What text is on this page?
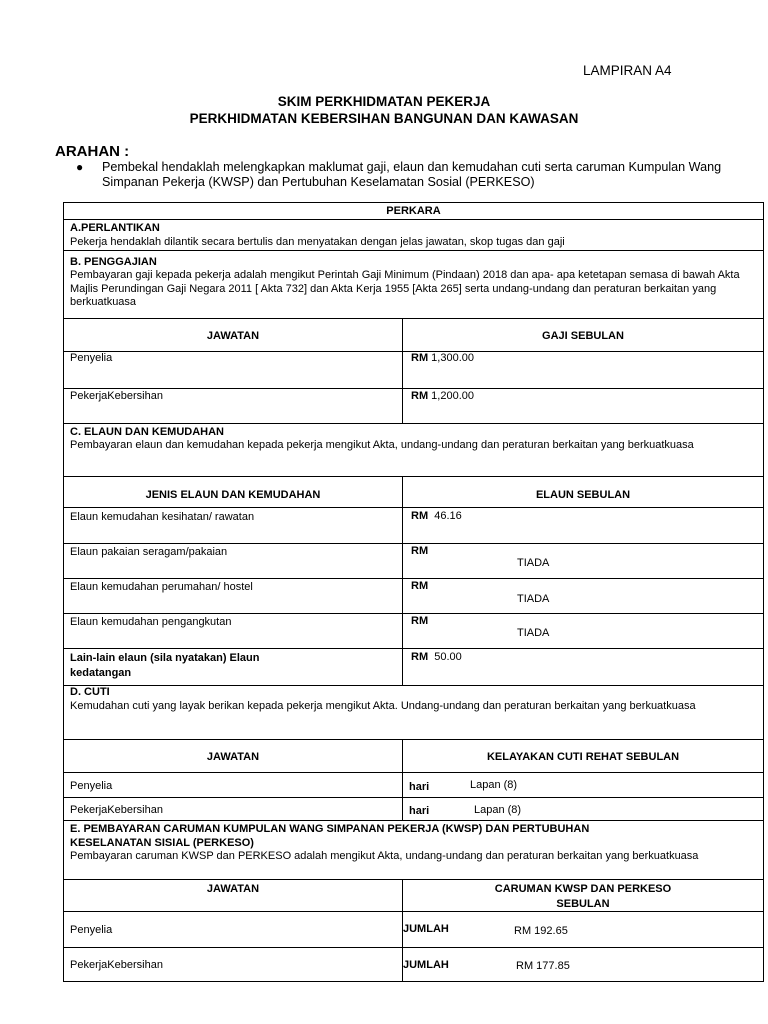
LAMPIRAN A4
SKIM PERKHIDMATAN PEKERJA
PERKHIDMATAN KEBERSIHAN BANGUNAN DAN KAWASAN
ARAHAN :
● Pembekal hendaklah melengkapkan maklumat gaji, elaun dan kemudahan cuti serta caruman Kumpulan Wang Simpanan Pekerja (KWSP) dan Pertubuhan Keselamatan Sosial (PERKESO)
PERKARA
A.PERLANTIKAN
Pekerja hendaklah dilantik secara bertulis dan menyatakan dengan jelas jawatan, skop tugas dan gaji
B. PENGGAJIAN
Pembayaran gaji kepada pekerja adalah mengikut Perintah Gaji Minimum (Pindaan) 2018 dan apa- apa ketetapan semasa di bawah Akta Majlis Perundingan Gaji Negara 2011 [ Akta 732] dan Akta Kerja 1955 [Akta 265] serta undang-undang dan peraturan berkaitan yang berkuatkuasa
JAWATAN	GAJI SEBULAN
Penyelia	RM 1,300.00
PekerjaKebersihan	RM 1,200.00
C. ELAUN DAN KEMUDAHAN
Pembayaran elaun dan kemudahan kepada pekerja mengikut Akta, undang-undang dan peraturan berkaitan yang berkuatkuasa
JENIS ELAUN DAN KEMUDAHAN	ELAUN SEBULAN
Elaun kemudahan kesihatan/ rawatan	RM 46.16
Elaun pakaian seragam/pakaian	RM
TIADA
Elaun kemudahan perumahan/ hostel	RM
TIADA
Elaun kemudahan pengangkutan	RM
TIADA
Lain-lain elaun (sila nyatakan) Elaun
kedatangan
RM 50.00
D. CUTI
Kemudahan cuti yang layak berikan kepada pekerja mengikut Akta. Undang-undang dan peraturan berkaitan yang berkuatkuasa
JAWATAN	KELAYAKAN CUTI REHAT SEBULAN
Penyelia	hari	Lapan (8)
PekerjaKebersihan	hari	Lapan (8)
E. PEMBAYARAN CARUMAN KUMPULAN WANG SIMPANAN PEKERJA (KWSP) DAN PERTUBUHAN
KESELANATAN SISIAL (PERKESO)
Pembayaran caruman KWSP dan PERKESO adalah mengikut Akta, undang-undang dan peraturan berkaitan yang berkuatkuasa
JAWATAN	CARUMAN KWSP DAN PERKESO
SEBULAN
Penyelia	JUMLAH	RM 192.65
PekerjaKebersihan	JUMLAH	RM 177.85
